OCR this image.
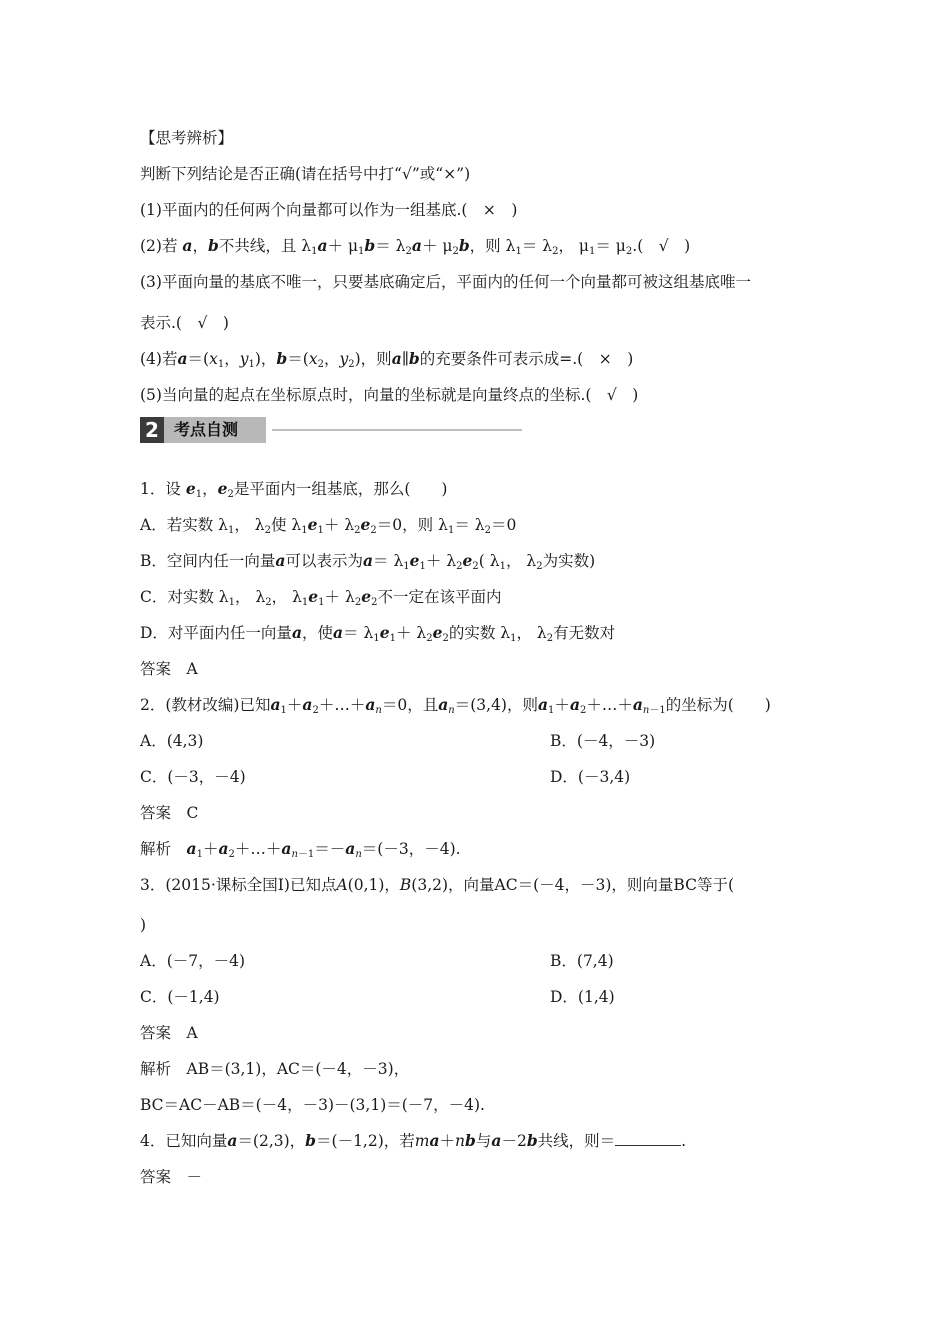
【思考辨析】
判断下列结论是否正确(请在括号中打“√”或“×”)
(1)平面内的任何两个向量都可以作为一组基底.(　×　)
(2)若 a，b不共线，且 $\lambda_1a+ \mu_1b= \lambda_2a+ \mu_2b$，则 $\lambda_1= \lambda_2$， $\mu_1= \mu_2$.(　√　)
(3)平面向量的基底不唯一，只要基底确定后，平面内的任何一个向量都可被这组基底唯一
表示.(　√　)
(4)若$a=(x_1$，$y_1$)，$b=(x_2$，$y_2$)，则a∥b的充要条件可表示成=.(　×　)
(5)当向量的起点在坐标原点时，向量的坐标就是向量终点的坐标.(　√　)
2 考点自测
1．设 $e_1$，$e_2$是平面内一组基底，那么(　　)
A．若实数 $\lambda_1$， $\lambda_2$使 $\lambda_1e_1+ \lambda_2e_2=0$，则 $\lambda_1= \lambda_2=0$
B．空间内任一向量a可以表示为$a= \lambda_1e_1+ \lambda_2e_2$( $\lambda_1$， $\lambda_2$为实数)
C．对实数 $\lambda_1$， $\lambda_2$， $\lambda_1e_1+ \lambda_2e_2$不一定在该平面内
D．对平面内任一向量a，使$a= \lambda_1e_1+ \lambda_2e_2$的实数 $\lambda_1$， $\lambda_2$有无数对
答案　A
2．(教材改编)已知$a_1+a_2+\dots+a_n=0$，且$a_n=(3,4)$，则$a_1+a_2+\dots+a_{n-1}$的坐标为(　　)
A．(4,3)	B．(－4，－3)
C．(－3，－4)	D．(－3,4)
答案　C
解析　 $a_1+a_2+\dots+a_{n-1}=-a_n=(-3$，－4).
3．(2015·课标全国Ⅰ)已知点A(0,1)，B(3,2)，向量AC＝(－4，－3)，则向量BC等于(
)
A．(－7，－4)	B．(7,4)
C．(－1,4)	D．(1,4)
答案　A
解析　AB＝(3,1)，AC＝(－4，－3)，
BC＝AC－AB＝(－4，－3)－(3,1)＝(－7，－4).
4．已知向量a＝(2,3)，b＝(－1,2)，若ma＋nb与a－2b共线，则＝	.
答案　－
